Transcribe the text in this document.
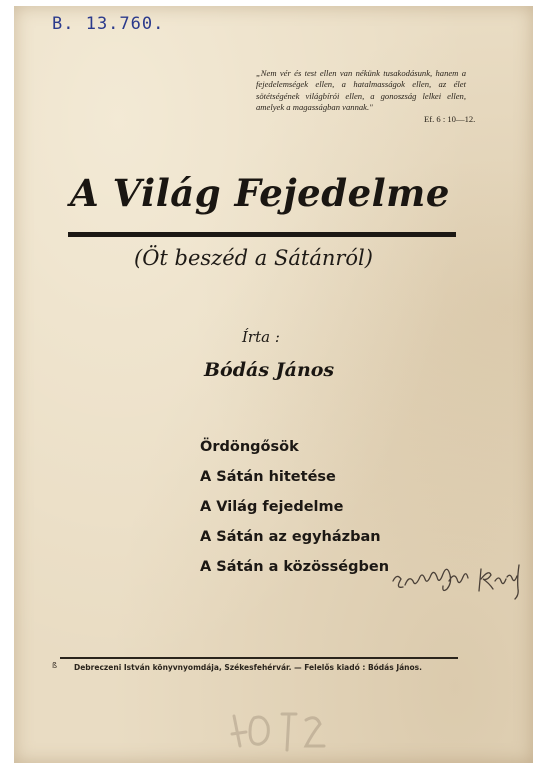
B. 13.760.
„Nem vér és test ellen van nékünk tusakodásunk, hanem a fejedelemségek ellen, a hatalmasságok ellen, az élet sötétségének világbírói ellen, a gonoszság lelkei ellen, amelyek a magasságban vannak."
Ef. 6 : 10—12.
A Világ Fejedelme
(Öt beszéd a Sátánról)
Írta :
Bódás János
Ördöngősök
A Sátán hitetése
A Világ fejedelme
A Sátán az egyházban
A Sátán a közösségben
ß Debreczeni István könyvnyomdája, Székesfehérvár. — Felelős kiadó : Bódás János.
